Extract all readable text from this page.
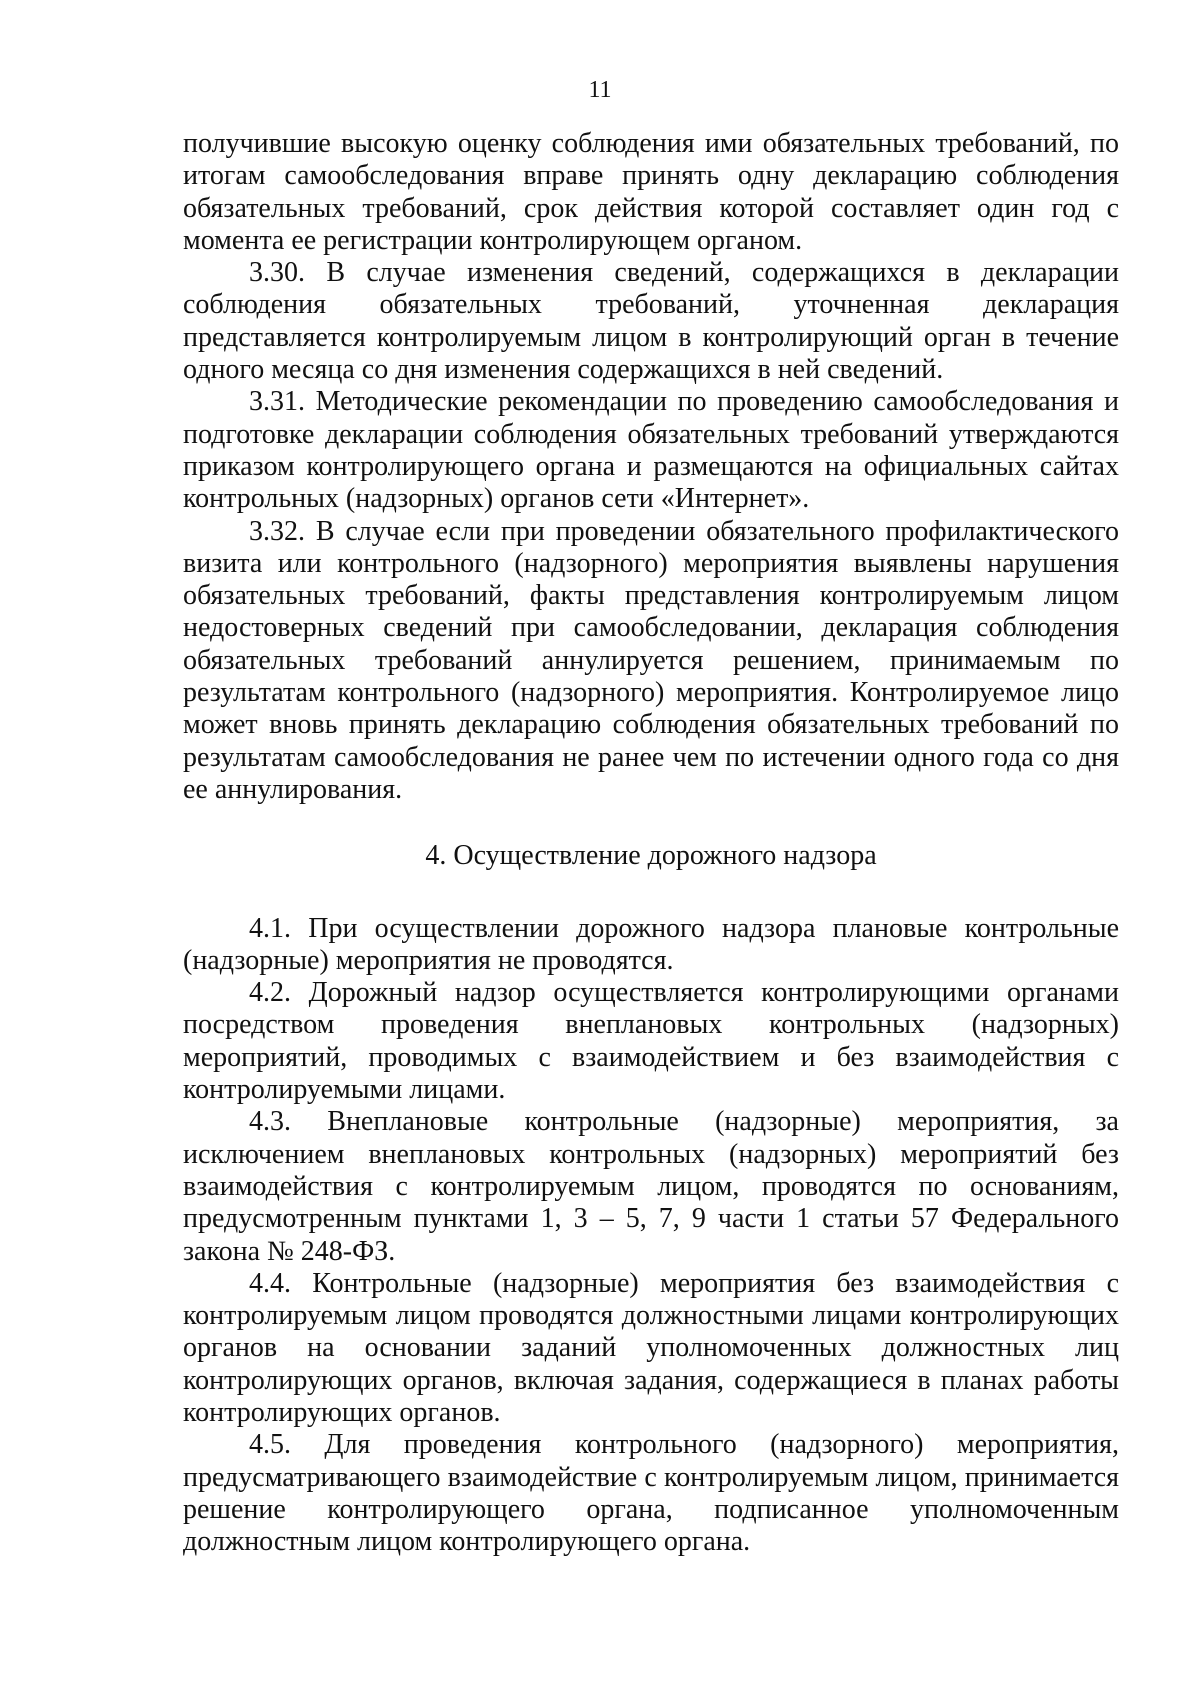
11

получившие высокую оценку соблюдения ими обязательных требований, по итогам самообследования вправе принять одну декларацию соблюдения обязательных требований, срок действия которой составляет один год с момента ее регистрации контролирующем органом.

3.30. В случае изменения сведений, содержащихся в декларации соблюдения обязательных требований, уточненная декларация представляется контролируемым лицом в контролирующий орган в течение одного месяца со дня изменения содержащихся в ней сведений.

3.31. Методические рекомендации по проведению самообследования и подготовке декларации соблюдения обязательных требований утверждаются приказом контролирующего органа и размещаются на официальных сайтах контрольных (надзорных) органов сети «Интернет».

3.32. В случае если при проведении обязательного профилактического визита или контрольного (надзорного) мероприятия выявлены нарушения обязательных требований, факты представления контролируемым лицом недостоверных сведений при самообследовании, декларация соблюдения обязательных требований аннулируется решением, принимаемым по результатам контрольного (надзорного) мероприятия. Контролируемое лицо может вновь принять декларацию соблюдения обязательных требований по результатам самообследования не ранее чем по истечении одного года со дня ее аннулирования.

4. Осуществление дорожного надзора

4.1. При осуществлении дорожного надзора плановые контрольные (надзорные) мероприятия не проводятся.

4.2. Дорожный надзор осуществляется контролирующими органами посредством проведения внеплановых контрольных (надзорных) мероприятий, проводимых с взаимодействием и без взаимодействия с контролируемыми лицами.

4.3. Внеплановые контрольные (надзорные) мероприятия, за исключением внеплановых контрольных (надзорных) мероприятий без взаимодействия с контролируемым лицом, проводятся по основаниям, предусмотренным пунктами 1, 3 – 5, 7, 9 части 1 статьи 57 Федерального закона № 248-ФЗ.

4.4. Контрольные (надзорные) мероприятия без взаимодействия с контролируемым лицом проводятся должностными лицами контролирующих органов на основании заданий уполномоченных должностных лиц контролирующих органов, включая задания, содержащиеся в планах работы контролирующих органов.

4.5. Для проведения контрольного (надзорного) мероприятия, предусматривающего взаимодействие с контролируемым лицом, принимается решение контролирующего органа, подписанное уполномоченным должностным лицом контролирующего органа.
